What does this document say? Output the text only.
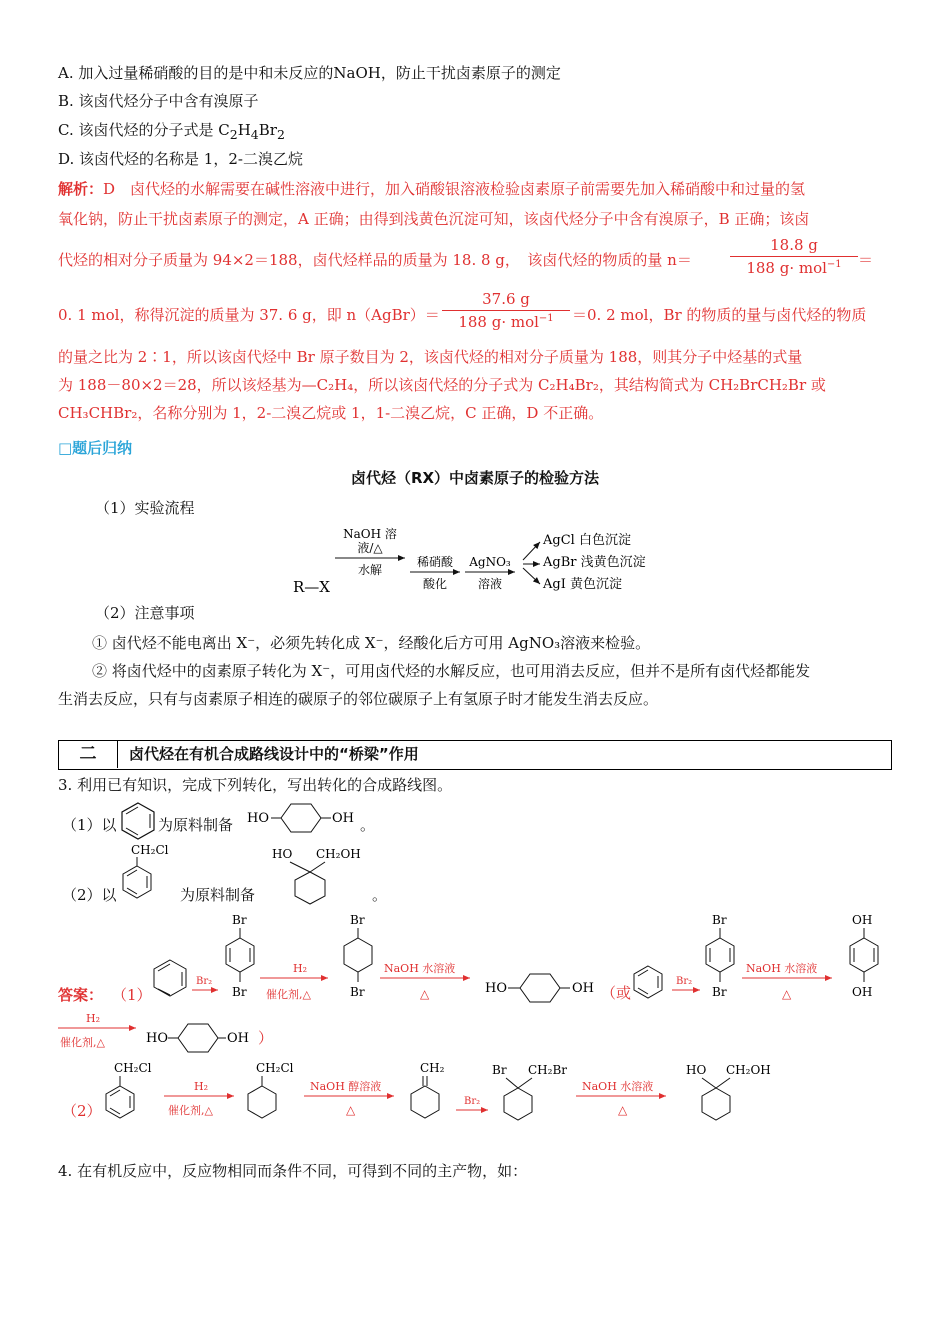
A. 加入过量稀硝酸的目的是中和未反应的NaOH，防止干扰卤素原子的测定
B. 该卤代烃分子中含有溴原子
C. 该卤代烃的分子式是 $C_2H_4Br_2$
D. 该卤代烃的名称是 1，2-二溴乙烷
解析：D　卤代烃的水解需要在碱性溶液中进行，加入硝酸银溶液检验卤素原子前需要先加入稀硝酸中和过量的氢
氧化钠，防止干扰卤素原子的测定，A 正确；由得到浅黄色沉淀可知，该卤代烃分子中含有溴原子，B 正确；该卤
代烃的相对分子质量为 94×2＝188，卤代烃样品的质量为 18. 8 g，　该卤代烃的物质的量 n＝
18.8 g
188 g· mol$^{-1}$	＝
0. 1 mol，称得沉淀的质量为 37. 6 g，即 n（AgBr）＝
37.6 g
188 g· mol$^{-1}$	＝0. 2 mol，Br 的物质的量与卤代烃的物质
的量之比为 2∶1，所以该卤代烃中 Br 原子数目为 2，该卤代烃的相对分子质量为 188，则其分子中烃基的式量
为 188－80×2＝28，所以该烃基为—C₂H₄，所以该卤代烃的分子式为 C₂H₄Br₂，其结构简式为 CH₂BrCH₂Br 或
CH₃CHBr₂，名称分别为 1，2-二溴乙烷或 1，1-二溴乙烷，C 正确，D 不正确。
□题后归纳
卤代烃（RX）中卤素原子的检验方法
（1）实验流程
R—X
NaOH 溶
液/△
水解
稀硝酸
酸化
AgNO₃
溶液
AgCl 白色沉淀
AgBr 浅黄色沉淀
AgI 黄色沉淀
（2）注意事项
① 卤代烃不能电离出 X⁻，必须先转化成 X⁻，经酸化后方可用 AgNO₃溶液来检验。
② 将卤代烃中的卤素原子转化为 X⁻，可用卤代烃的水解反应，也可用消去反应，但并不是所有卤代烃都能发
生消去反应，只有与卤素原子相连的碳原子的邻位碳原子上有氢原子时才能发生消去反应。
二	卤代烃在有机合成路线设计中的“桥梁”作用
3. 利用已有知识，完成下列转化，写出转化的合成路线图。
（1）以	为原料制备 HO	OH 。
CH₂Cl
（2）以	为原料制备
HO CH₂OH
。
答案： （1）
Br₂
Br
Br
H₂
催化剂,△
Br
Br
NaOH 水溶液
△	HO	OH （或
Br₂
Br
Br
NaOH 水溶液
△
OH
OH
H₂
催化剂,△	HO	OH ）
（2）
CH₂Cl
H₂
催化剂,△
CH₂Cl
NaOH 醇溶液
△
CH₂
Br₂
Br CH₂Br
NaOH 水溶液
△
HO CH₂OH
4. 在有机反应中，反应物相同而条件不同，可得到不同的主产物，如：
